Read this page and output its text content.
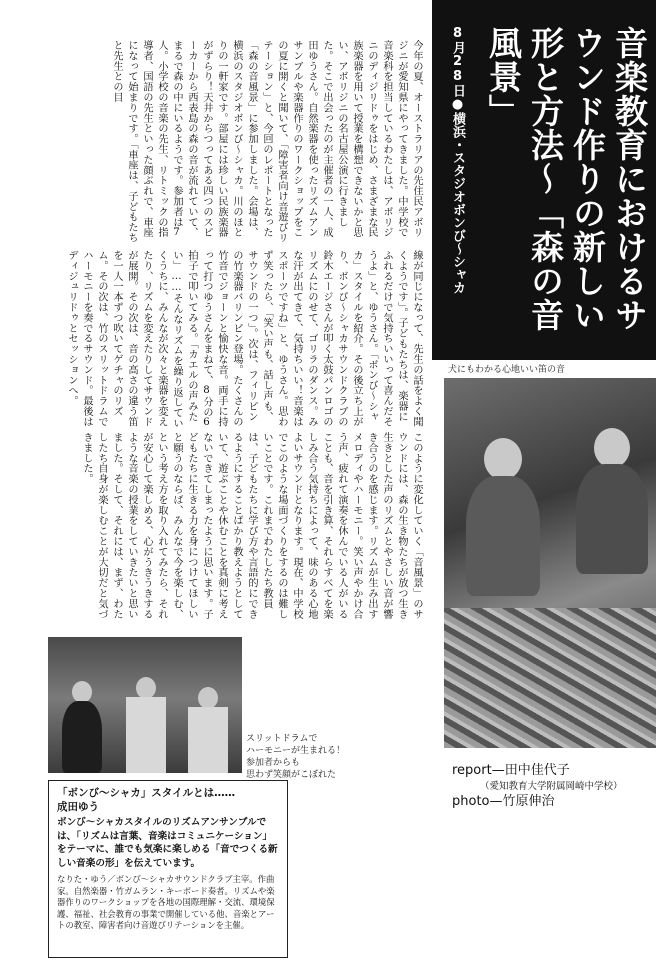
音楽教育におけるサウンド作りの新しい形と方法〜「森の音風景」
8月28日●横浜・スタジオボンび〜シャカ
今年の夏、オーストラリアの先住民アボリジニが愛知県にやってきました。中学校で音楽科を担当しているわたしは、アボリジニのディジリドゥをはじめ、さまざまな民族楽器を用いて授業を構想できないかと思い、アボリジニの名古屋公演に行きました。そこで出会ったのが主催者の一人、成田ゆうさん。自然楽器を使ったリズムアンサンブルや楽器作りのワークショップをこの夏に開くと聞いて、「障害者向け音遊びリテーション」と、今回のレポートとなった「森の音風景」に参加しました。会場は、横浜のスタジオボンび〜シャカ。川のほとりの一軒家です。部屋には珍しい民族楽器がずらり！天井からつってある四つのスピーカーから西表島の森の音が流れていて、まるで森の中にいるようです。参加者は7人。小学校の音楽の先生、リトミックの指導者、国語の先生といった顔ぶれで、車座になって始まりです。「車座は、子どもたちと先生との目
線が同じになって、先生の話をよく聞くようです」。子どもたちは、楽器にふれるだけで気持ちいいって喜んだそうよ」と、ゆうさん。「ボンび〜シャカ」スタイルを紹介。その後立ち上がり、ボンび〜シャカサウンドクラブの鈴木エージさんが叩く太鼓パンロゴのリズムにのせて、ゴリラのダンス。みな汗が出てきて、気持ちいい！音楽はスポーツですね」と、ゆうさん。思わず笑ったら、「笑い声も、話し声も、サウンドの一つ」。次は、フィリピンの竹楽器バリンビン登場。たくさんの竹音でジョーンと愉快な音。両手に持って打つゆうさんをまねて、8分の6拍子で叩いてみる。「カエルの声みたい」……そんなリズムを繰り返していくうちに、みんなが次々と楽器を変えたり、リズムを変えたりしてサウンドが展開。その次は、音の高さの違う笛を一人一本ずつ吹いてゲチャのリズム。その次は、竹のスリットドラムでハーモニーを奏でるサウンド。最後はディジュリドゥとセッションへ。
このように変化していく「音風景」のサウンドには、森の生き物たちが放つ生き生きとした声のリズムとやさしい音が響き合うのを感じます。リズムが生み出すメロディやハーモニー。笑い声やかけ合う声、疲れて演奏を休んでいる人がいることも、音を引き算、それらすべてを楽しみ合う気持ちによって、味のある心地よいサウンドとなります。現在、中学校でこのような場面づくりをするのは難しいことです。これまでわたしたち教員は、子どもたちに学び方や言語的にできるようにすることばかり教えようとしていて、遊ぶことや休むことを真剣に考えないできてしまったように思います。子どもたちに生きる力を身につけてほしいと願うのならば、みんなで今を楽しむ、という考え方を取り入れてみたら、それが安心して楽しめる、心がうきうきするような音楽の授業をしていきたいと思いました。そして、それには、まず、わたしたち自身が楽しむことが大切だと気づきました。
犬にもわかる心地いい笛の音
スリットドラムで
ハーモニーが生まれる！
参加者からも
思わず笑顔がこぼれた	report—田中佳代子
（愛知教育大学附属岡崎中学校）
photo—竹原伸治
「ボンび〜シャカ」スタイルとは……
成田ゆう
ボンび〜シャカスタイルのリズムアンサンブルでは、「リズムは言葉、音楽はコミュニケーション」をテーマに、誰でも気楽に楽しめる「音でつくる新しい音楽の形」を伝えています。
なりた・ゆう／ボンび〜シャカサウンドクラブ主宰。作曲家。自然楽器・竹ガムラン・キーボード奏者。リズムや楽器作りのワークショップを各地の国際理解・交流、環境保護、福祉、社会教育の事業で開催している他、音楽とアートの教室、障害者向け音遊びリテーションを主催。
